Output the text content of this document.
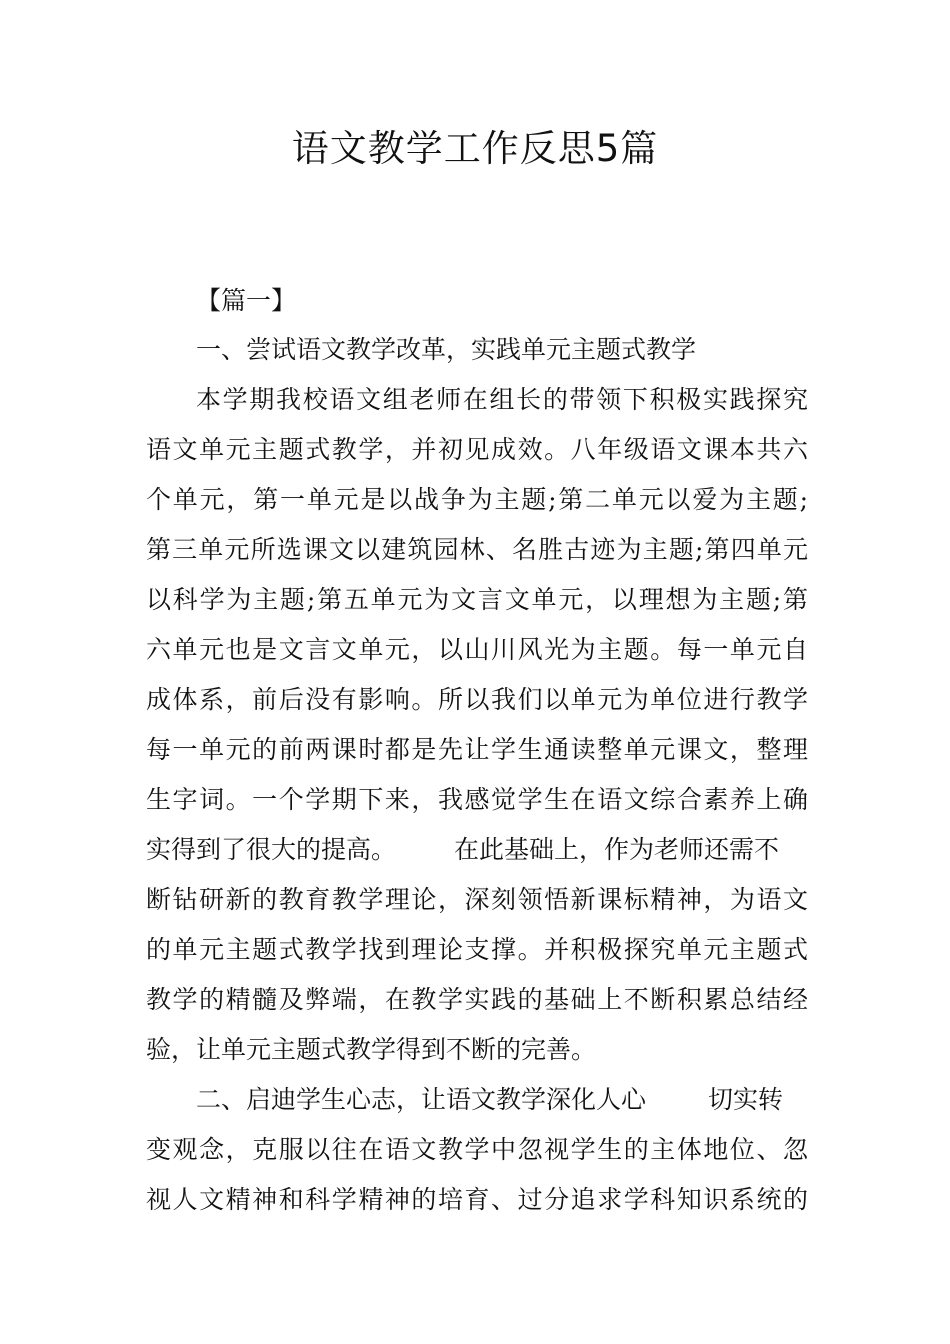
语文教学工作反思5篇

【篇一】

一、尝试语文教学改革，实践单元主题式教学

本学期我校语文组老师在组长的带领下积极实践探究

语文单元主题式教学，并初见成效。八年级语文课本共六

个单元，第一单元是以战争为主题;第二单元以爱为主题;

第三单元所选课文以建筑园林、名胜古迹为主题;第四单元

以科学为主题;第五单元为文言文单元，以理想为主题;第

六单元也是文言文单元，以山川风光为主题。每一单元自

成体系，前后没有影响。所以我们以单元为单位进行教学

每一单元的前两课时都是先让学生通读整单元课文，整理

生字词。一个学期下来，我感觉学生在语文综合素养上确

实得到了很大的提高。 在此基础上，作为老师还需不

断钻研新的教育教学理论，深刻领悟新课标精神，为语文

的单元主题式教学找到理论支撑。并积极探究单元主题式

教学的精髓及弊端，在教学实践的基础上不断积累总结经

验，让单元主题式教学得到不断的完善。

二、启迪学生心志，让语文教学深化人心 切实转

变观念，克服以往在语文教学中忽视学生的主体地位、忽

视人文精神和科学精神的培育、过分追求学科知识系统的
